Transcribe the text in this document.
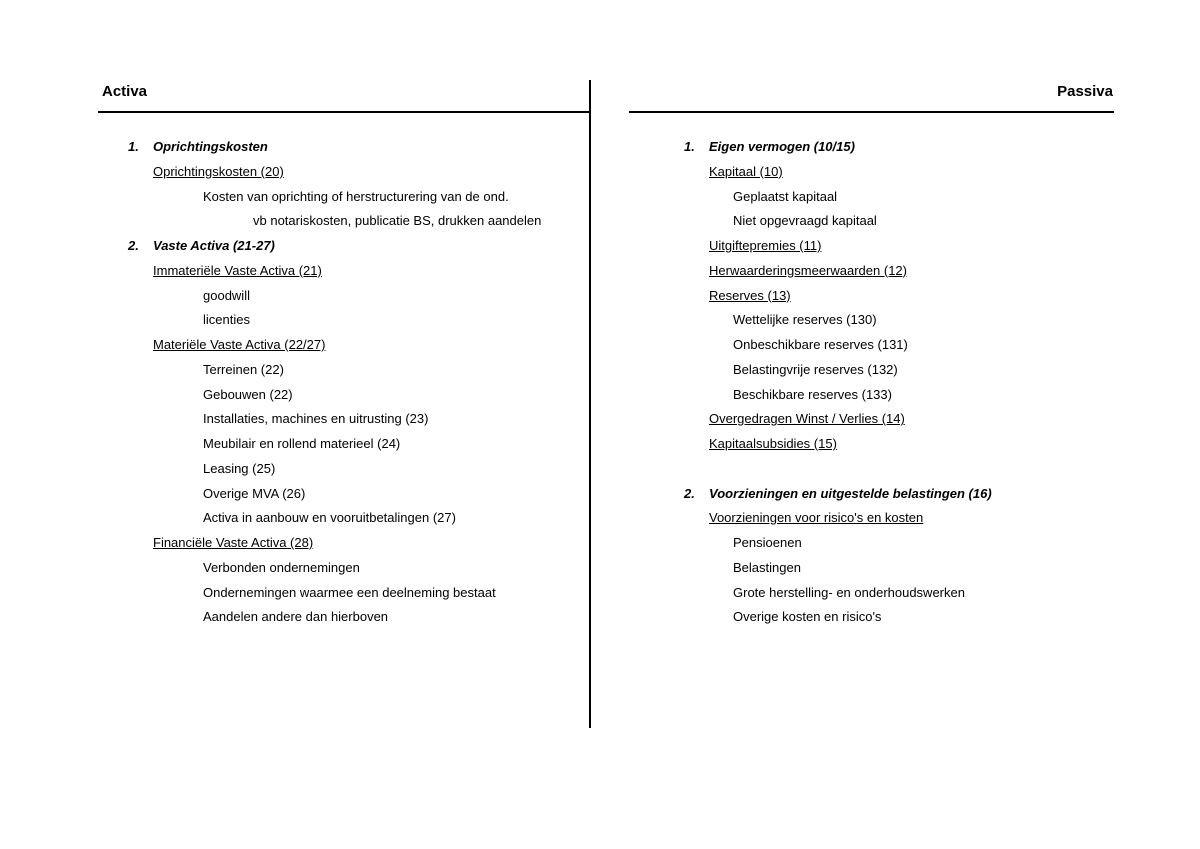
Activa	Passiva
1. Oprichtingskosten
Oprichtingskosten (20)
Kosten van oprichting of herstructurering van de ond.
vb notariskosten, publicatie BS, drukken aandelen
2. Vaste Activa (21-27)
Immateriële Vaste Activa (21)
goodwill
licenties
Materiële Vaste Activa (22/27)
Terreinen (22)
Gebouwen (22)
Installaties, machines en uitrusting (23)
Meubilair en rollend materieel (24)
Leasing (25)
Overige MVA (26)
Activa in aanbouw en vooruitbetalingen (27)
Financiële Vaste Activa (28)
Verbonden ondernemingen
Ondernemingen waarmee een deelneming bestaat
Aandelen andere dan hierboven
1. Eigen vermogen (10/15)
Kapitaal (10)
Geplaatst kapitaal
Niet opgevraagd kapitaal
Uitgiftepremies (11)
Herwaarderingsmeerwaarden (12)
Reserves (13)
Wettelijke reserves (130)
Onbeschikbare reserves (131)
Belastingvrije reserves (132)
Beschikbare reserves (133)
Overgedragen Winst / Verlies (14)
Kapitaalsubsidies (15)
2. Voorzieningen en uitgestelde belastingen (16)
Voorzieningen voor risico's en kosten
Pensioenen
Belastingen
Grote herstelling- en onderhoudswerken
Overige kosten en risico's
